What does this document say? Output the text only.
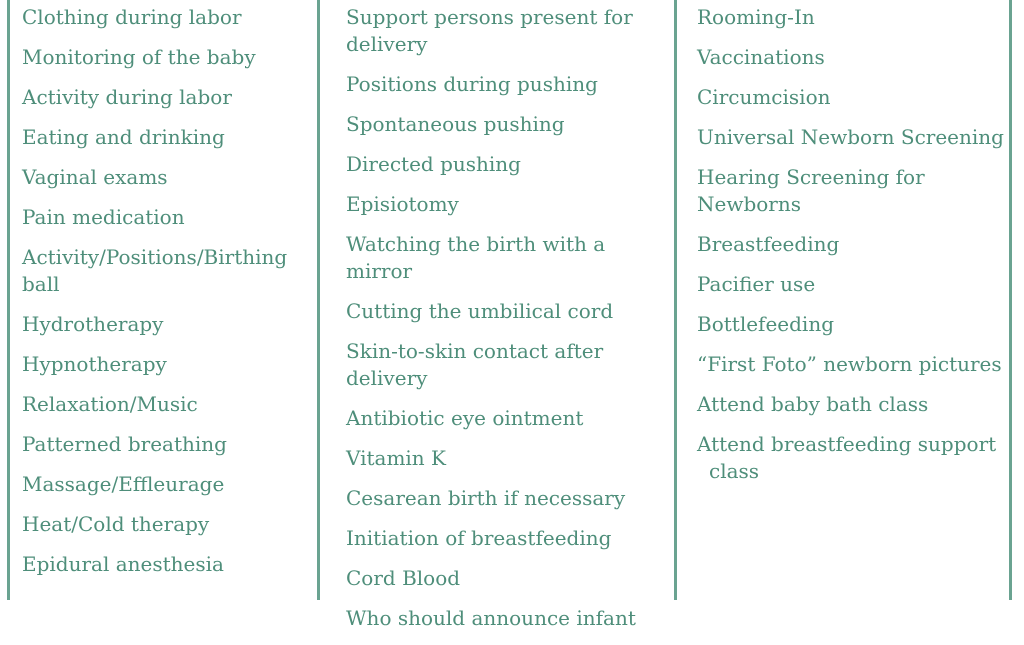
Clothing during labor
Monitoring of the baby
Activity during labor
Eating and drinking
Vaginal exams
Pain medication
Activity/Positions/Birthing ball
Hydrotherapy
Hypnotherapy
Relaxation/Music
Patterned breathing
Massage/Effleurage
Heat/Cold therapy
Epidural anesthesia
Support persons present for delivery
Positions during pushing
Spontaneous pushing
Directed pushing
Episiotomy
Watching the birth with a mirror
Cutting the umbilical cord
Skin-to-skin contact after delivery
Antibiotic eye ointment
Vitamin K
Cesarean birth if necessary
Initiation of breastfeeding
Cord Blood
Who should announce infant
Rooming-In
Vaccinations
Circumcision
Universal Newborn Screening
Hearing Screening for Newborns
Breastfeeding
Pacifier use
Bottlefeeding
“First Foto” newborn pictures
Attend baby bath class
Attend breastfeeding support
class
